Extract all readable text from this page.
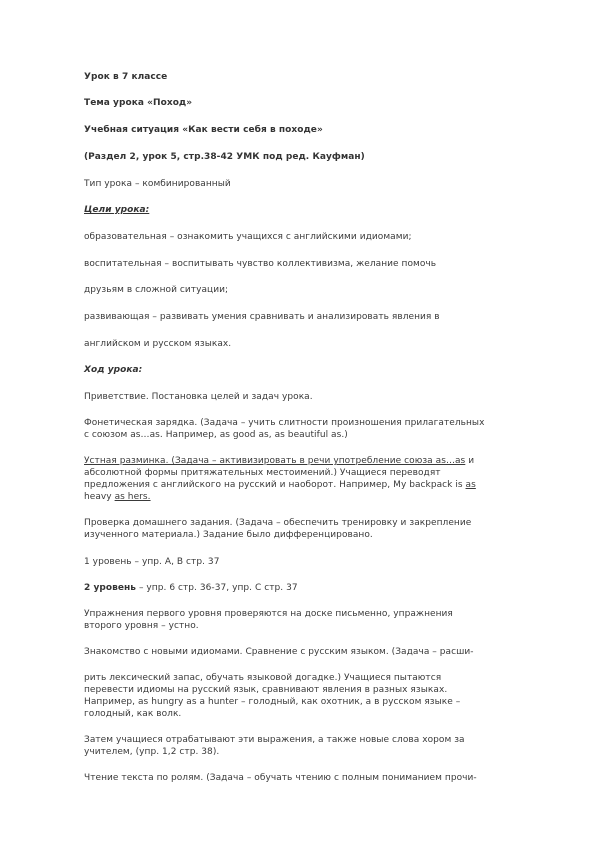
Урок в 7 классе
Тема урока «Поход»
Учебная ситуация «Как вести себя в походе»
(Раздел 2, урок 5, стр.38-42 УМК под ред. Кауфман)
Тип урока – комбинированный
Цели урока:
образовательная – ознакомить учащихся с английскими идиомами;
воспитательная – воспитывать чувство коллективизма, желание помочь
друзьям в сложной ситуации;
развивающая – развивать умения сравнивать и анализировать явления в
английском и русском языках.
Ход урока:
Приветствие. Постановка целей и задач урока.
Фонетическая зарядка. (Задача – учить слитности произношения прилагательных
с союзом as…as. Например, as good as, as beautiful as.)
Устная разминка. (Задача – активизировать в речи употребление союза as…as и
абсолютной формы притяжательных местоимений.) Учащиеся переводят
предложения с английского на русский и наоборот. Например, My backpack is as
heavy as hers.
Проверка домашнего задания. (Задача – обеспечить тренировку и закрепление
изученного материала.) Задание было дифференцировано.
1 уровень – упр. A, B стр. 37
2 уровень – упр. 6 стр. 36-37, упр. С стр. 37
Упражнения первого уровня проверяются на доске письменно, упражнения
второго уровня – устно.
Знакомство с новыми идиомами. Сравнение с русским языком. (Задача – расши-
рить лексический запас, обучать языковой догадке.) Учащиеся пытаются
перевести идиомы на русский язык, сравнивают явления в разных языках.
Например, as hungry as a hunter – голодный, как охотник, а в русском языке –
голодный, как волк.
Затем учащиеся отрабатывают эти выражения, а также новые слова хором за
учителем, (упр. 1,2 стр. 38).
Чтение текста по ролям. (Задача – обучать чтению с полным пониманием прочи-
